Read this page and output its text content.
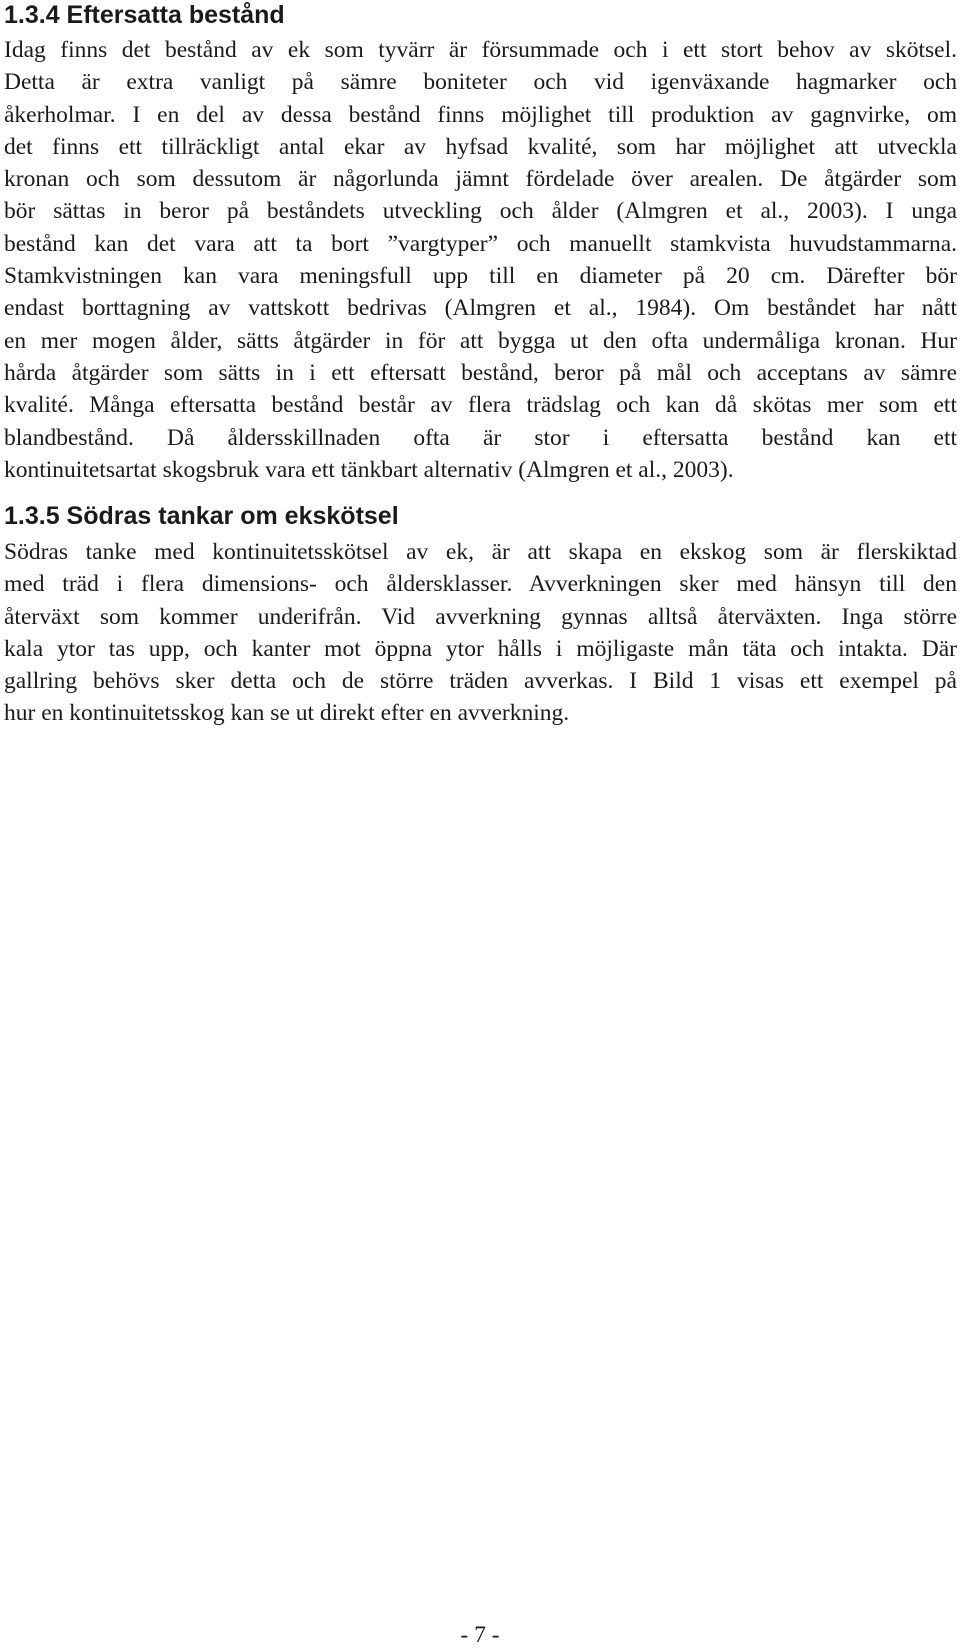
1.3.4 Eftersatta bestånd
Idag finns det bestånd av ek som tyvärr är försummade och i ett stort behov av skötsel.
Detta är extra vanligt på sämre boniteter och vid igenväxande hagmarker och
åkerholmar. I en del av dessa bestånd finns möjlighet till produktion av gagnvirke, om
det finns ett tillräckligt antal ekar av hyfsad kvalité, som har möjlighet att utveckla
kronan och som dessutom är någorlunda jämnt fördelade över arealen. De åtgärder som
bör sättas in beror på beståndets utveckling och ålder (Almgren et al., 2003). I unga
bestånd kan det vara att ta bort ”vargtyper” och manuellt stamkvista huvudstammarna.
Stamkvistningen kan vara meningsfull upp till en diameter på 20 cm. Därefter bör
endast borttagning av vattskott bedrivas (Almgren et al., 1984). Om beståndet har nått
en mer mogen ålder, sätts åtgärder in för att bygga ut den ofta undermåliga kronan. Hur
hårda åtgärder som sätts in i ett eftersatt bestånd, beror på mål och acceptans av sämre
kvalité. Många eftersatta bestånd består av flera trädslag och kan då skötas mer som ett
blandbestånd. Då åldersskillnaden ofta är stor i eftersatta bestånd kan ett
kontinuitetsartat skogsbruk vara ett tänkbart alternativ (Almgren et al., 2003).
1.3.5 Södras tankar om ekskötsel
Södras tanke med kontinuitetsskötsel av ek, är att skapa en ekskog som är flerskiktad
med träd i flera dimensions- och åldersklasser. Avverkningen sker med hänsyn till den
återväxt som kommer underifrån. Vid avverkning gynnas alltså återväxten. Inga större
kala ytor tas upp, och kanter mot öppna ytor hålls i möjligaste mån täta och intakta. Där
gallring behövs sker detta och de större träden avverkas. I Bild 1 visas ett exempel på
hur en kontinuitetsskog kan se ut direkt efter en avverkning.

- 7 -
